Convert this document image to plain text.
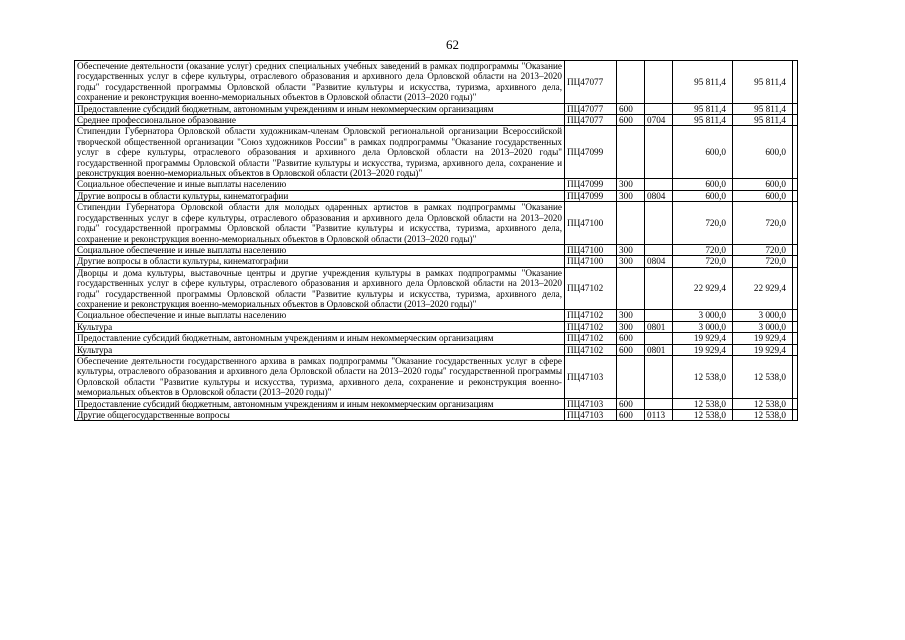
62
Обеспечение деятельности (оказание услуг) средних специальных учебных заведений в рамках подпрограммы "Оказание государственных услуг в сфере культуры, отраслевого образования и архивного дела Орловской области на 2013–2020 годы" государственной программы Орловской области "Развитие культуры и искусства, туризма, архивного дела, сохранение и реконструкция военно-мемориальных объектов в Орловской области (2013–2020 годы)"	ПЦ47077			95 811,4	95 811,4	
Предоставление субсидий бюджетным, автономным учреждениям и иным некоммерческим организациям	ПЦ47077	600		95 811,4	95 811,4	
Среднее профессиональное образование	ПЦ47077	600	0704	95 811,4	95 811,4	
Стипендии Губернатора Орловской области художникам-членам Орловской региональной организации Всероссийской творческой общественной организации "Союз художников России" в рамках подпрограммы "Оказание государственных услуг в сфере культуры, отраслевого образования и архивного дела Орловской области на 2013–2020 годы" государственной программы Орловской области "Развитие культуры и искусства, туризма, архивного дела, сохранение и реконструкция военно-мемориальных объектов в Орловской области (2013–2020 годы)"	ПЦ47099			600,0	600,0	
Социальное обеспечение и иные выплаты населению	ПЦ47099	300		600,0	600,0	
Другие вопросы в области культуры, кинематографии	ПЦ47099	300	0804	600,0	600,0	
Стипендии Губернатора Орловской области для молодых одаренных артистов в рамках подпрограммы "Оказание государственных услуг в сфере культуры, отраслевого образования и архивного дела Орловской области на 2013–2020 годы" государственной программы Орловской области "Развитие культуры и искусства, туризма, архивного дела, сохранение и реконструкция военно-мемориальных объектов в Орловской области (2013–2020 годы)"	ПЦ47100			720,0	720,0	
Социальное обеспечение и иные выплаты населению	ПЦ47100	300		720,0	720,0	
Другие вопросы в области культуры, кинематографии	ПЦ47100	300	0804	720,0	720,0	
Дворцы и дома культуры, выставочные центры и другие учреждения культуры в рамках подпрограммы "Оказание государственных услуг в сфере культуры, отраслевого образования и архивного дела Орловской области на 2013–2020 годы" государственной программы Орловской области "Развитие культуры и искусства, туризма, архивного дела, сохранение и реконструкция военно-мемориальных объектов в Орловской области (2013–2020 годы)"	ПЦ47102			22 929,4	22 929,4	
Социальное обеспечение и иные выплаты населению	ПЦ47102	300		3 000,0	3 000,0	
Культура	ПЦ47102	300	0801	3 000,0	3 000,0	
Предоставление субсидий бюджетным, автономным учреждениям и иным некоммерческим организациям	ПЦ47102	600		19 929,4	19 929,4	
Культура	ПЦ47102	600	0801	19 929,4	19 929,4	
Обеспечение деятельности государственного архива в рамках подпрограммы "Оказание государственных услуг в сфере культуры, отраслевого образования и архивного дела Орловской области на 2013–2020 годы" государственной программы Орловской области "Развитие культуры и искусства, туризма, архивного дела, сохранение и реконструкция военно-мемориальных объектов в Орловской области (2013–2020 годы)"	ПЦ47103			12 538,0	12 538,0	
Предоставление субсидий бюджетным, автономным учреждениям и иным некоммерческим организациям	ПЦ47103	600		12 538,0	12 538,0	
Другие общегосударственные вопросы	ПЦ47103	600	0113	12 538,0	12 538,0	
